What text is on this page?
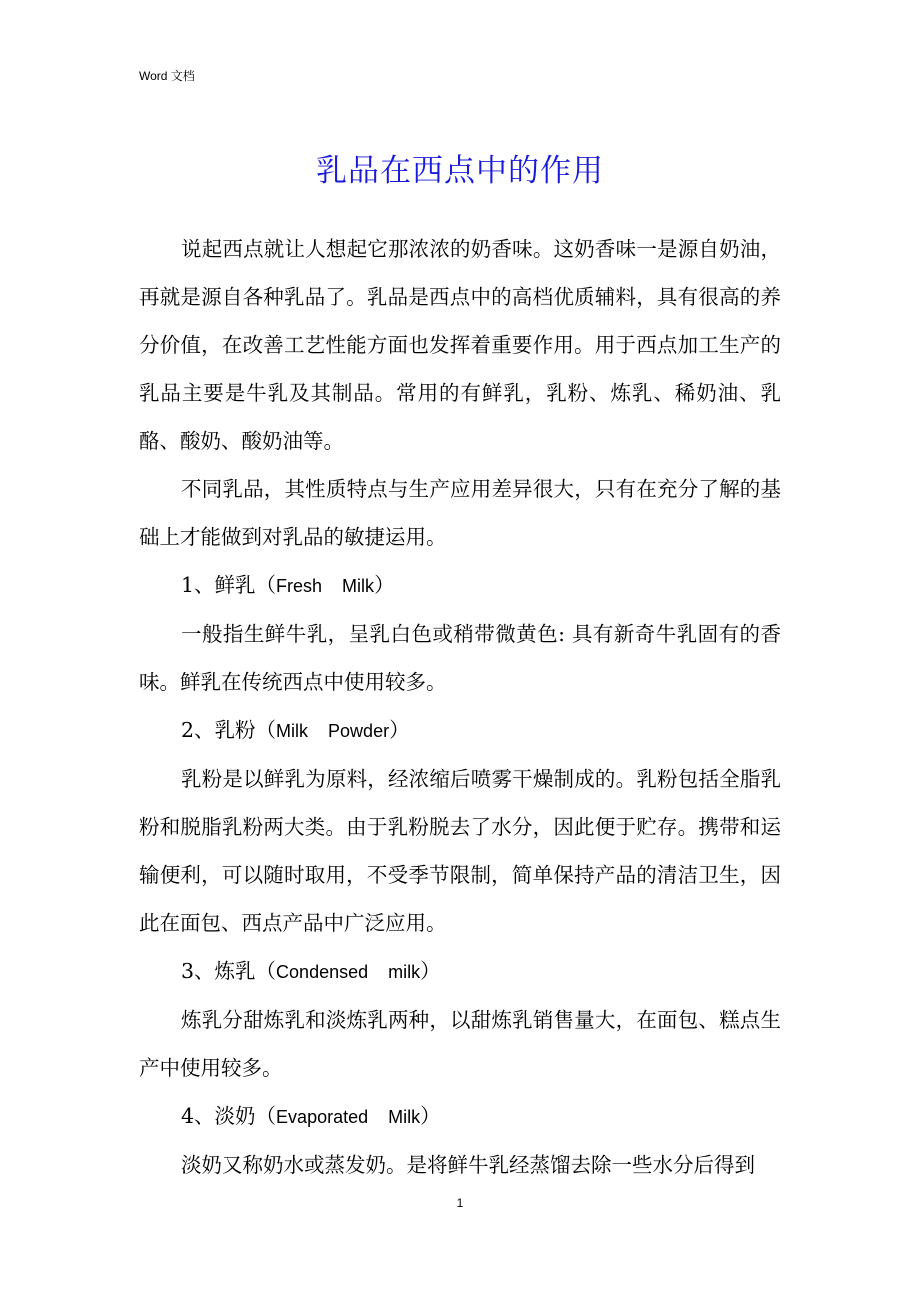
Word 文档
乳品在西点中的作用

说起西点就让人想起它那浓浓的奶香味。这奶香味一是源自奶油，再就是源自各种乳品了。乳品是西点中的高档优质辅料，具有很高的养分价值，在改善工艺性能方面也发挥着重要作用。用于西点加工生产的乳品主要是牛乳及其制品。常用的有鲜乳，乳粉、炼乳、稀奶油、乳酪、酸奶、酸奶油等。

不同乳品，其性质特点与生产应用差异很大，只有在充分了解的基础上才能做到对乳品的敏捷运用。

1、鲜乳（Fresh    Milk）

一般指生鲜牛乳，呈乳白色或稍带微黄色: 具有新奇牛乳固有的香味。鲜乳在传统西点中使用较多。

2、乳粉（Milk    Powder）

乳粉是以鲜乳为原料，经浓缩后喷雾干燥制成的。乳粉包括全脂乳粉和脱脂乳粉两大类。由于乳粉脱去了水分，因此便于贮存。携带和运输便利，可以随时取用，不受季节限制，简单保持产品的清洁卫生，因此在面包、西点产品中广泛应用。

3、炼乳（Condensed    milk）

炼乳分甜炼乳和淡炼乳两种，以甜炼乳销售量大，在面包、糕点生产中使用较多。

4、淡奶（Evaporated    Milk）

淡奶又称奶水或蒸发奶。是将鲜牛乳经蒸馏去除一些水分后得到

1
